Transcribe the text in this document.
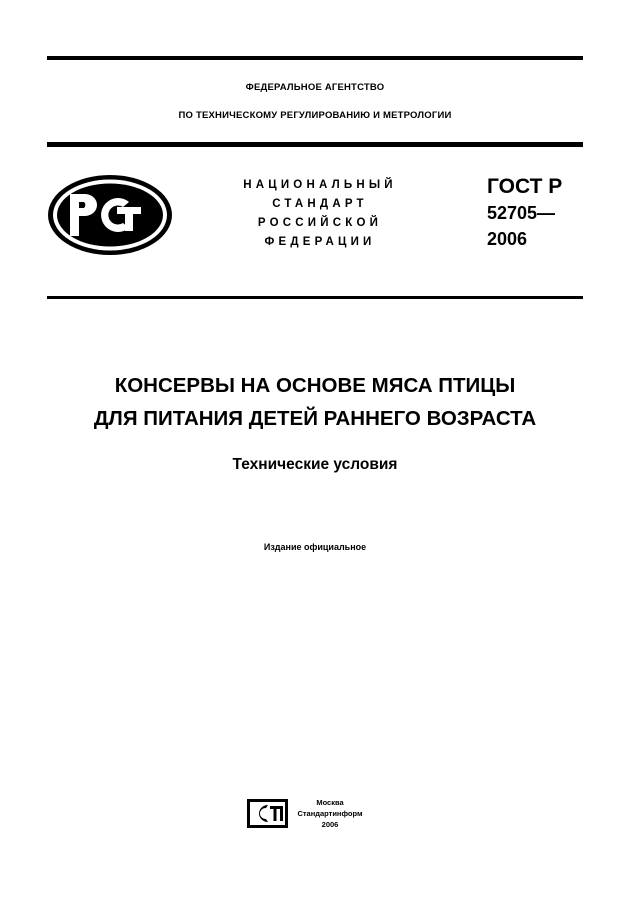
ФЕДЕРАЛЬНОЕ АГЕНТСТВО
ПО ТЕХНИЧЕСКОМУ РЕГУЛИРОВАНИЮ И МЕТРОЛОГИИ
НАЦИОНАЛЬНЫЙ
СТАНДАРТ
РОССИЙСКОЙ
ФЕДЕРАЦИИ
ГОСТ Р
52705—
2006
КОНСЕРВЫ НА ОСНОВЕ МЯСА ПТИЦЫ
ДЛЯ ПИТАНИЯ ДЕТЕЙ РАННЕГО ВОЗРАСТА
Технические условия
Издание официальное
Москва
Стандартинформ
2006
